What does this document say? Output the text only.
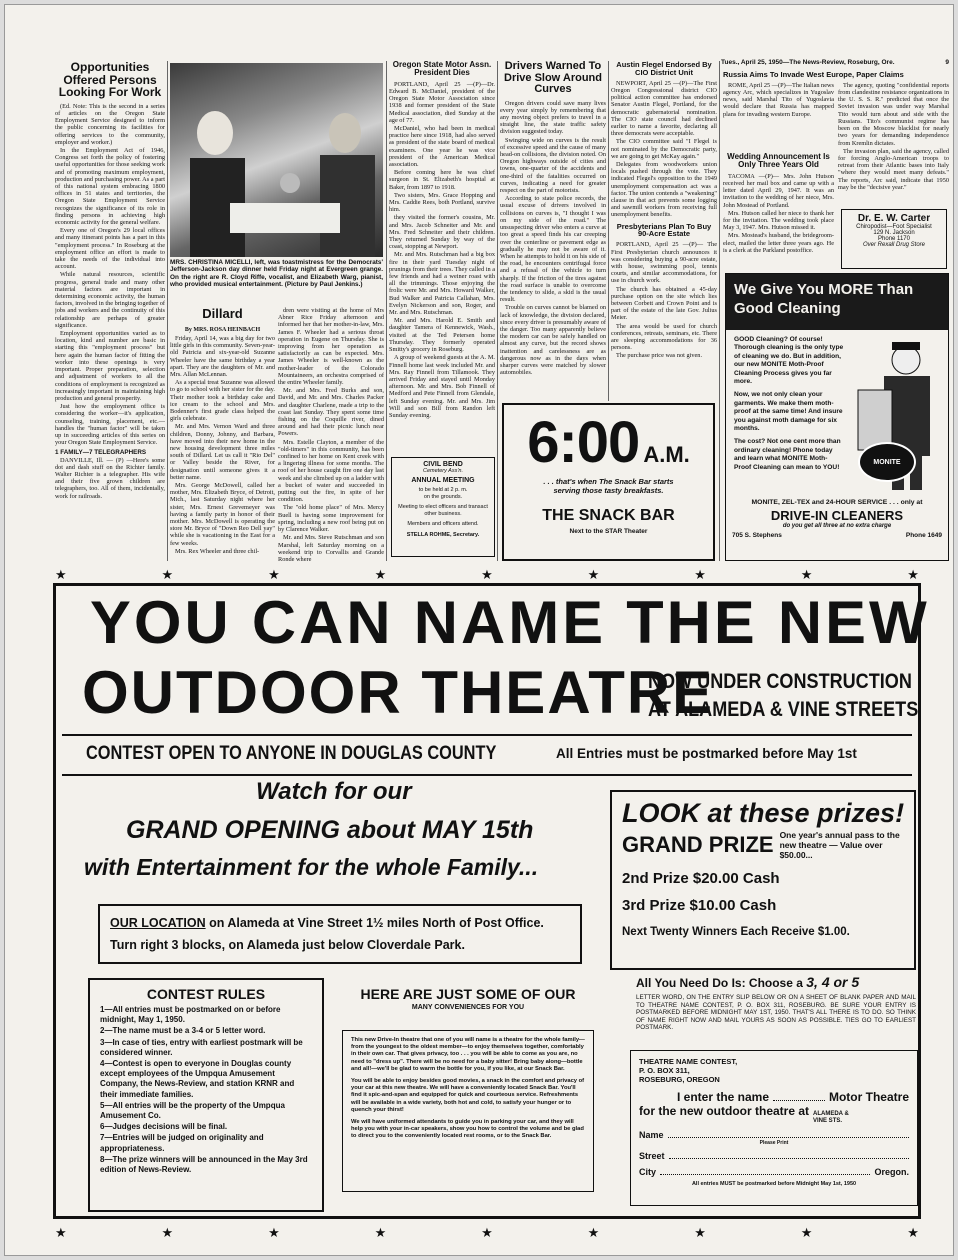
Tues., April 25, 1950—The News-Review, Roseburg, Ore.	9
Opportunities Offered Persons Looking For Work

(Ed. Note: This is the second in a series of articles on the Oregon State Employment Service designed to inform the public concerning its facilities for offering services to the community, employer and worker.)

In the Employment Act of 1946, Congress set forth the policy of fostering useful opportunities for those seeking work and of promoting maximum employment, production and purchasing power. As a part of this national system embracing 1800 offices in 51 states and territories, the Oregon State Employment Service recognizes the significance of its role in finding persons in achieving high economic activity for the general welfare.

Every one of Oregon's 29 local offices and many itinerant points has a part in this "employment process." In Roseburg at the employment office an effort is made to take the needs of the individual into account.

While natural resources, scientific progress, general trade and many other material factors are important in determining economic activity, the human factors, involved in the bringing together of jobs and workers and the continuity of this relationship are perhaps of greater significance.

Employment opportunities varied as to location, kind and number are basic in starting this "employment process" but here again the human factor of fitting the worker into these openings is very important. Proper preparation, selection and adjustment of workers to all the conditions of employment is recognized as increasingly important in maintaining high production and general prosperity.

Just how the employment office is considering the worker—it's application, counseling, training, placement, etc.—handles the "human factor" will be taken up in succeeding articles of this series on your Oregon State Employment Service.

1 FAMILY—7 TELEGRAPHERS

DANVILLE, Ill. — (P) —Here's some dot and dash stuff on the Richter family. Walter Richter is a telegrapher. His wife and their five grown children are telegraphers, too. All of them, incidentally, work for railroads.

MRS. CHRISTINA MICELLI, left, was toastmistress for the Democrats' Jefferson-Jackson day dinner held Friday night at Evergreen grange. On the right are R. Cloyd Riffe, vocalist, and Elizabeth Warg, pianist, who provided musical entertainment. (Picture by Paul Jenkins.)
Dillard
By MRS. ROSA HEINBACH

Friday, April 14, was a big day for two little girls in this community. Seven-year-old Patricia and six-year-old Suzanne Wheeler have the same birthday a year apart. They are the daughters of Mr. and Mrs. Allan McLennan.

As a special treat Suzanne was allowed to go to school with her sister for the day. Their mother took a birthday cake and ice cream to the school and Mrs. Bodenner's first grade class helped the girls celebrate.

Mr. and Mrs. Vernon Ward and three children, Donny, Johnny, and Barbara, have moved into their new home in the new housing development three miles south of Dillard. Let us call it "Rio Del" or Valley beside the River, for designation until someone gives it a better name.

Mrs. George McDowell, called her mother, Mrs. Elizabeth Bryce, of Detroit, Mich., last Saturday night where her sister, Mrs. Ernest Grevemeyer was having a family party in honor of their mother. Mrs. McDowell is operating the store Mr. Bryce of "Down Reo Dell yay" while she is vacationing in the East for a few weeks.

Mrs. Rex Wheeler and three chil-

dren were visiting at the home of Mrs Abner Rice Friday afternoon and informed her that her mother-in-law, Mrs. James F. Wheeler had a serious throat operation in Eugene on Thursday. She is improving from her operation as satisfactorily as can be expected. Mrs. James Wheeler is well-known as the mother-leader of the Colorado Mountaineers, an orchestra comprised of the entire Wheeler family.

Mr. and Mrs. Fred Burks and son, David, and Mr. and Mrs. Charles Packer and daughter Charlene, made a trip to the coast last Sunday. They spent some time fishing on the Coquille river, dined around and had their picnic lunch near Powers.

Mrs. Estelle Clayton, a member of the "old-timers" in this community, has been confined to her home on Kent creek with a lingering illness for some months. The roof of her house caught fire one day last week and she climbed up on a ladder with a bucket of water and succeeded in putting out the fire, in spite of her condition.

The "old home place" of Mrs. Mercy Buell is having some improvement for spring, including a new roof being put on by Clarence Walker.

Mr. and Mrs. Steve Rutschman and son Marshal, left Saturday morning on a weekend trip to Corvallis and Grande Ronde where

Oregon State Motor Assn. President Dies

PORTLAND, April 25 —(P)—Dr. Edward B. McDaniel, president of the Oregon State Motor Association since 1938 and former president of the State Medical association, died Sunday at the age of 77.

McDaniel, who had been in medical practice here since 1918, had also served as president of the state board of medical examiners. One year he was vice president of the American Medical association.

Before coming here he was chief surgeon in St. Elizabeth's hospital at Baker, from 1897 to 1918.

Two sisters, Mrs. Grace Hopping and Mrs. Caddie Rees, both Portland, survive him.

they visited the former's cousins, Mr. and Mrs. Jacob Schneiter and Mr. and Mrs. Fred Schneiter and their children. They returned Sunday by way of the coast, stopping at Newport.

Mr. and Mrs. Rutschman had a big box fire in their yard Tuesday night of prunings from their trees. They called in a few friends and had a weiner roast with all the trimmings. Those enjoying the frolic were Mr. and Mrs. Howard Walker, Bud Walker and Patricia Callahan, Mrs. Evelyn Nickerson and son, Roger, and Mr. and Mrs. Rutschman.

Mr. and Mrs. Harold E. Smith and daughter Tamera of Kennewick, Wash., visited at the Ted Petersen home Thursday. They formerly operated Smitty's grocery in Roseburg.

A group of weekend guests at the A. M. Finnell home last week included Mr. and Mrs. Ray Finnell from Tillamook. They arrived Friday and stayed until Monday afternoon. Mr. and Mrs. Bob Finnell of Medford and Pete Finnell from Glendale, left Sunday evening. Mr. and Mrs. Jim Will and son Bill from Randon left Sunday evening.

CIVIL BEND
Cemetery Ass'n.
ANNUAL MEETING
to be held at 2 p. m.
on the grounds.
Meeting to elect officers and transact other business.
Members and officers attend.
STELLA ROHME, Secretary.
Drivers Warned To Drive Slow Around Curves

Oregon drivers could save many lives every year simply by remembering that any moving object prefers to travel in a straight line, the state traffic safety division suggested today.

Swinging wide on curves is the result of excessive speed and the cause of many head-on collisions, the division noted. On Oregon highways outside of cities and towns, one-quarter of the accidents and one-third of the fatalities occurred on curves, indicating a need for greater respect on the part of motorists.

According to state police records, the usual excuse of drivers involved in collisions on curves is, "I thought I was on my side of the road." The unsuspecting driver who enters a curve at too great a speed finds his car creeping over the centerline or pavement edge as gradually he may not be aware of it. When he attempts to hold it on his side of the road, he encounters centrifugal force and a refusal of the vehicle to turn sharply. If the friction of the tires against the road surface is unable to overcome the tendency to slide, a skid is the usual result.

Trouble on curves cannot be blamed on lack of knowledge, the division declared, since every driver is presumably aware of the danger. Too many apparently believe the modern car can be safely handled on almost any curve, but the record shows inattention and carelessness are as dangerous now as in the days when sharper curves were matched by slower automobiles.

Austin Flegel Endorsed By CIO District Unit

NEWPORT, April 25 —(P)—The First Oregon Congressional district CIO political action committee has endorsed Senator Austin Flegel, Portland, for the democratic gubernatorial nomination. The CIO state council had declined earlier to name a favorite, declaring all three democrats were acceptable.

The CIO committee said "I Flegel is not nominated by the Democratic party, we are going to get McKay again."

Delegates from woodworkers union locals pushed through the vote. They indicated Flegel's opposition to the 1949 unemployment compensation act was a factor. The union contends a "weakening" clause in that act prevents some logging and sawmill workers from receiving full unemployment benefits.

Presbyterians Plan To Buy 90-Acre Estate

PORTLAND, April 25 —(P)— The First Presbyterian church announces it was considering buying a 90-acre estate, with house, swimming pool, tennis courts, and similar accommodations, for use in church work.

The church has obtained a 45-day purchase option on the site which lies between Corbett and Crown Point and is part of the estate of the late Gov. Julius Meier.

The area would be used for church conferences, retreats, seminars, etc. There are sleeping accommodations for 36 persons.

The purchase price was not given.

6:00 A.M.
. . . that's when The Snack Bar starts
serving those tasty breakfasts.
THE SNACK BAR
Next to the STAR Theater
Russia Aims To Invade West Europe, Paper Claims

ROME, April 25 —(P)—The Italian news agency Arc, which specializes in Yugoslav news, said Marshal Tito of Yugoslavia would declare that Russia has mapped plans for invading western Europe.

The agency, quoting "confidential reports from clandestine resistance organizations in the U. S. S. R." predicted that once the Soviet invasion was under way Marshal Tito would turn about and side with the Russians. Tito's communist regime has been on the Moscow blacklist for nearly two years for demanding independence from Kremlin dictates.

The invasion plan, said the agency, called for forcing Anglo-American troops to retreat from their Atlantic bases into Italy "where they would meet many defeats." The reports, Arc said, indicate that 1950 may be the "decisive year."

Wedding Announcement Is Only Three Years Old

TACOMA —(P)— Mrs. John Hutson received her mail box and came up with a letter dated April 29, 1947. It was an invitation to the wedding of her niece, Mrs. John Mostead of Portland.

Mrs. Hutson called her niece to thank her for the invitation. The wedding took place May 3, 1947. Mrs. Hutson missed it.

Mrs. Mostead's husband, the bridegroom-elect, mailed the letter three years ago. He is a clerk at the Parkland postoffice.

Dr. E. W. Carter
Chiropodist—Foot Specialist
129 N. Jackson
Phone 1170
Over Rexall Drug Store
We Give You MORE Than Good Cleaning

GOOD Cleaning? Of course! Thorough cleaning is the only type of cleaning we do. But in addition, our new MONITE Moth-Proof Cleaning Process gives you far more.

Now, we not only clean your garments. We make them moth-proof at the same time! And insure you against moth damage for six months.

The cost? Not one cent more than ordinary cleaning! Phone today and learn what MONITE Moth-Proof Cleaning can mean to YOU!

MONITE
MONITE, ZEL-TEX and 24-HOUR SERVICE . . . only at
DRIVE-IN CLEANERS
do you get all three at no extra charge
705 S. Stephens	Phone 1649
★	★	★	★	★	★	★	★	★
★	★	★	★	★	★	★	★	★
YOU CAN NAME THE NEW
OUTDOOR THEATRE
NOW UNDER CONSTRUCTION
AT ALAMEDA & VINE STREETS
CONTEST OPEN TO ANYONE IN DOUGLAS COUNTY	All Entries must be postmarked before May 1st
Watch for our
GRAND OPENING about MAY 15th
with Entertainment for the whole Family...
OUR LOCATION on Alameda at Vine Street 1½ miles North of Post Office. Turn right 3 blocks, on Alameda just below Cloverdale Park.
LOOK at these prizes!
GRAND PRIZE One year's annual pass to the new theatre — Value over $50.00...
2nd Prize $20.00 Cash
3rd Prize $10.00 Cash
Next Twenty Winners Each Receive $1.00.
CONTEST RULES
1—All entries must be postmarked on or before midnight, May 1, 1950.
2—The name must be a 3-4 or 5 letter word.
3—In case of ties, entry with earliest postmark will be considered winner.
4—Contest is open to everyone in Douglas county except employees of the Umpqua Amusement Company, the News-Review, and station KRNR and their immediate families.
5—All entries will be the property of the Umpqua Amusement Co.
6—Judges decisions will be final.
7—Entries will be judged on originality and appropriateness.
8—The prize winners will be announced in the May 3rd edition of News-Review.
HERE ARE JUST SOME OF OUR
MANY CONVENIENCES FOR YOU

This new Drive-In theatre that one of you will name is a theatre for the whole family—from the youngest to the oldest member—to enjoy themselves together, comfortably in their own car. That gives privacy, too . . . you will be able to come as you are, no need to "dress up". There will be no need for a baby sitter! Bring baby along—bottle and all!—we'll be glad to warm the bottle for you, if you like, at our Snack Bar.

You will be able to enjoy besides good movies, a snack in the comfort and privacy of your car at this new theatre. We will have a conveniently located Snack Bar. You'll find it spic-and-span and equipped for quick and courteous service. Refreshments will be available in a wide variety, both hot and cold, to satisfy your hunger or to quench your thirst!

We will have uniformed attendants to guide you in parking your car, and they will help you with your in-car speakers, show you how to control the volume and be glad to direct you to the conveniently located rest rooms, or to the Snack Bar.

All You Need Do Is: Choose a 3, 4 or 5
LETTER WORD, ON THE ENTRY SLIP BELOW OR ON A SHEET OF BLANK PAPER AND MAIL TO THEATRE NAME CONTEST, P. O. BOX 311, ROSEBURG. BE SURE YOUR ENTRY IS POSTMARKED BEFORE MIDNIGHT MAY 1ST, 1950. THAT'S ALL THERE IS TO DO. SO THINK OF NAME RIGHT NOW AND MAIL YOURS AS SOON AS POSSIBLE. TIES GO TO EARLIEST POSTMARK.
THEATRE NAME CONTEST,
P. O. BOX 311,
ROSEBURG, OREGON
I enter the name	Motor Theatre
for the new outdoor theatre at ALAMEDA & VINE STS.
Name
Please Print
Street
City	Oregon.
All entries MUST be postmarked before Midnight May 1st, 1950
